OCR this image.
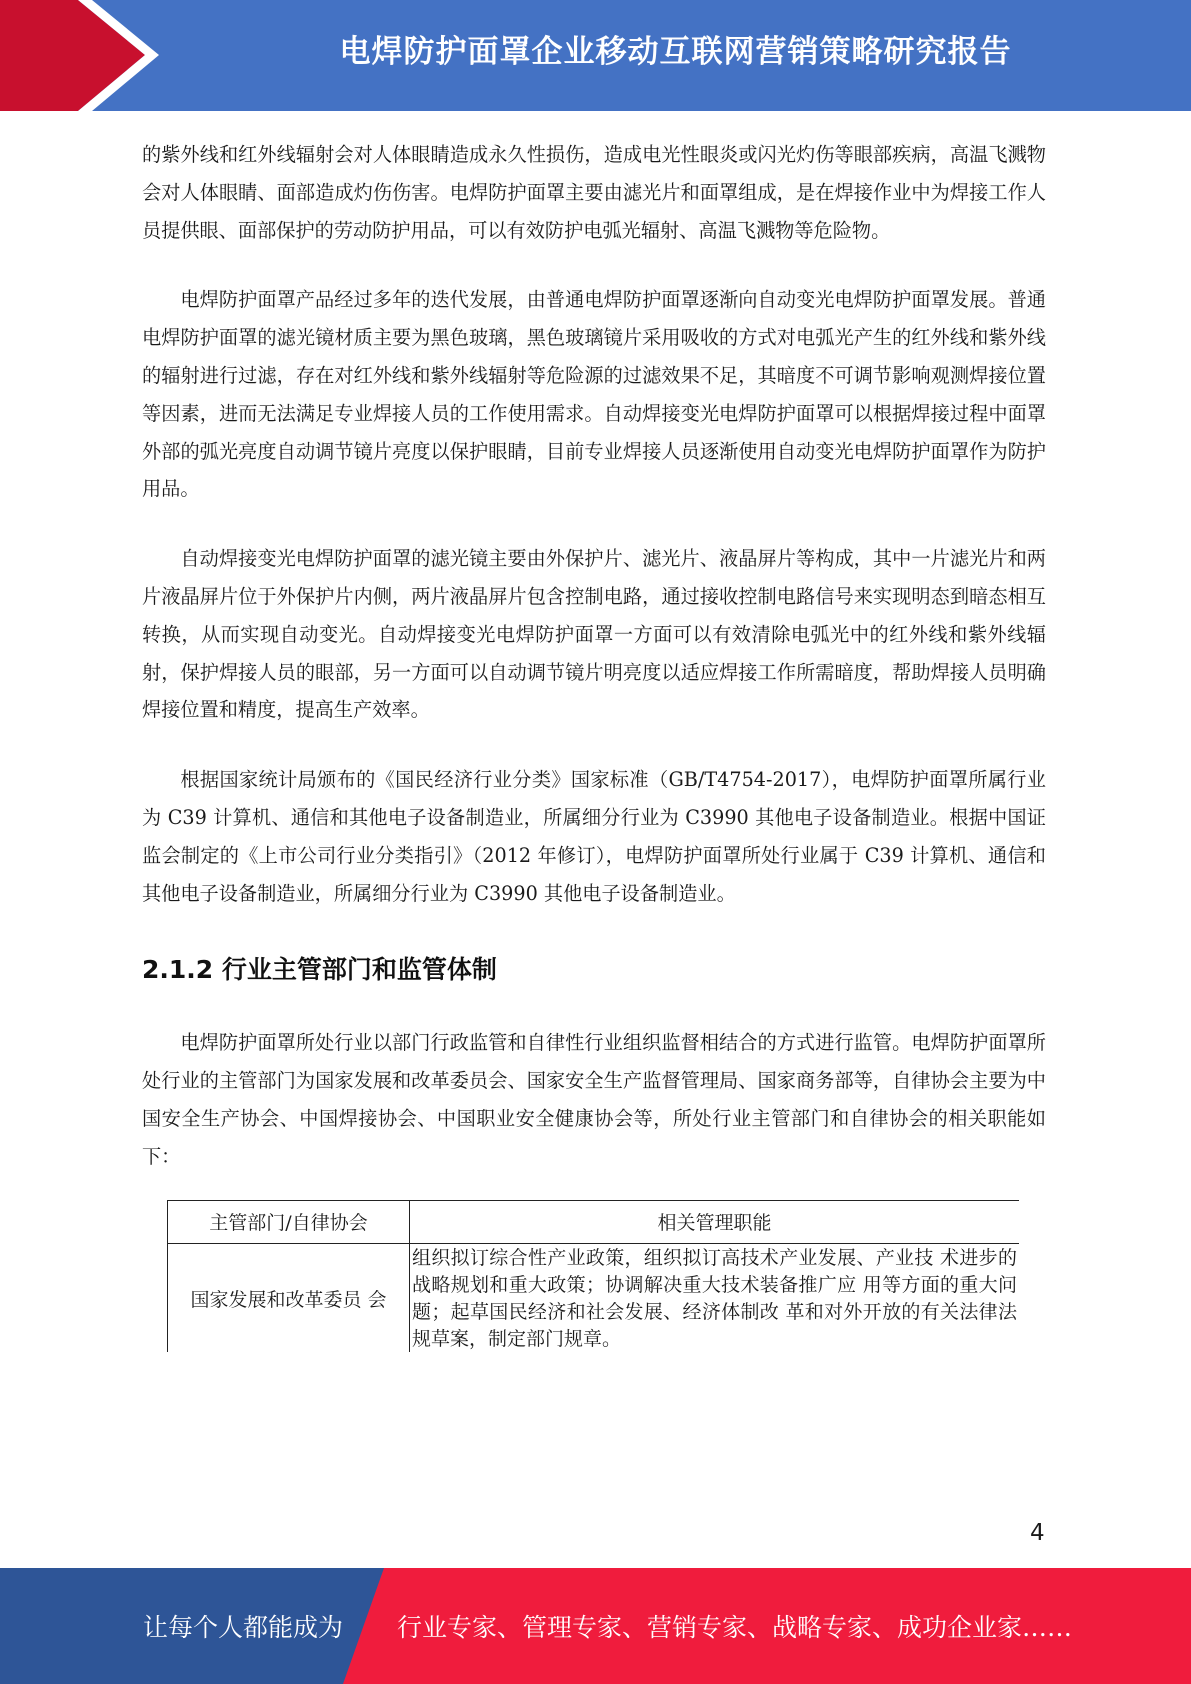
电焊防护面罩企业移动互联网营销策略研究报告

的紫外线和红外线辐射会对人体眼睛造成永久性损伤，造成电光性眼炎或闪光灼伤等眼部疾病，高温飞溅物会对人体眼睛、面部造成灼伤伤害。电焊防护面罩主要由滤光片和面罩组成，是在焊接作业中为焊接工作人员提供眼、面部保护的劳动防护用品，可以有效防护电弧光辐射、高温飞溅物等危险物。

电焊防护面罩产品经过多年的迭代发展，由普通电焊防护面罩逐渐向自动变光电焊防护面罩发展。普通电焊防护面罩的滤光镜材质主要为黑色玻璃，黑色玻璃镜片采用吸收的方式对电弧光产生的红外线和紫外线的辐射进行过滤，存在对红外线和紫外线辐射等危险源的过滤效果不足，其暗度不可调节影响观测焊接位置等因素，进而无法满足专业焊接人员的工作使用需求。自动焊接变光电焊防护面罩可以根据焊接过程中面罩外部的弧光亮度自动调节镜片亮度以保护眼睛，目前专业焊接人员逐渐使用自动变光电焊防护面罩作为防护用品。

自动焊接变光电焊防护面罩的滤光镜主要由外保护片、滤光片、液晶屏片等构成，其中一片滤光片和两片液晶屏片位于外保护片内侧，两片液晶屏片包含控制电路，通过接收控制电路信号来实现明态到暗态相互转换，从而实现自动变光。自动焊接变光电焊防护面罩一方面可以有效清除电弧光中的红外线和紫外线辐射，保护焊接人员的眼部，另一方面可以自动调节镜片明亮度以适应焊接工作所需暗度，帮助焊接人员明确焊接位置和精度，提高生产效率。

根据国家统计局颁布的《国民经济行业分类》国家标准（GB/T4754-2017），电焊防护面罩所属行业为 C39 计算机、通信和其他电子设备制造业，所属细分行业为 C3990 其他电子设备制造业。根据中国证监会制定的《上市公司行业分类指引》（2012 年修订），电焊防护面罩所处行业属于 C39 计算机、通信和其他电子设备制造业，所属细分行业为 C3990 其他电子设备制造业。

2.1.2 行业主管部门和监管体制

电焊防护面罩所处行业以部门行政监管和自律性行业组织监督相结合的方式进行监管。电焊防护面罩所处行业的主管部门为国家发展和改革委员会、国家安全生产监督管理局、国家商务部等，自律协会主要为中国安全生产协会、中国焊接协会、中国职业安全健康协会等，所处行业主管部门和自律协会的相关职能如下：

主管部门/自律协会	相关管理职能
国家发展和改革委员 会	组织拟订综合性产业政策，组织拟订高技术产业发展、产业技 术进步的战略规划和重大政策；协调解决重大技术装备推广应 用等方面的重大问题；起草国民经济和社会发展、经济体制改 革和对外开放的有关法律法规草案，制定部门规章。
4
让每个人都能成为 行业专家、管理专家、营销专家、战略专家、成功企业家……
